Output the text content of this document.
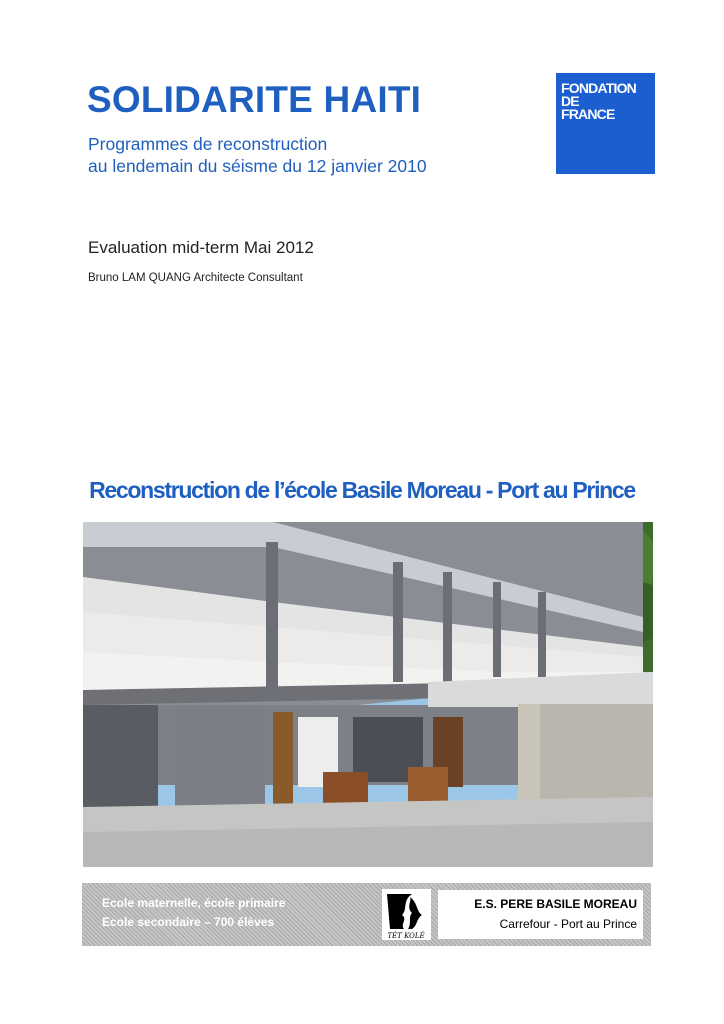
SOLIDARITE HAITI
Programmes de reconstruction
au lendemain du séisme du 12 janvier 2010
FONDATION
DE
FRANCE
Evaluation mid-term Mai 2012
Bruno LAM QUANG Architecte Consultant
Reconstruction de l’école Basile Moreau - Port au Prince
Ecole maternelle, école primaire
Ecole secondaire – 700 élèves
TÈT KOLÉ
E.S. PERE BASILE MOREAU
Carrefour - Port au Prince
